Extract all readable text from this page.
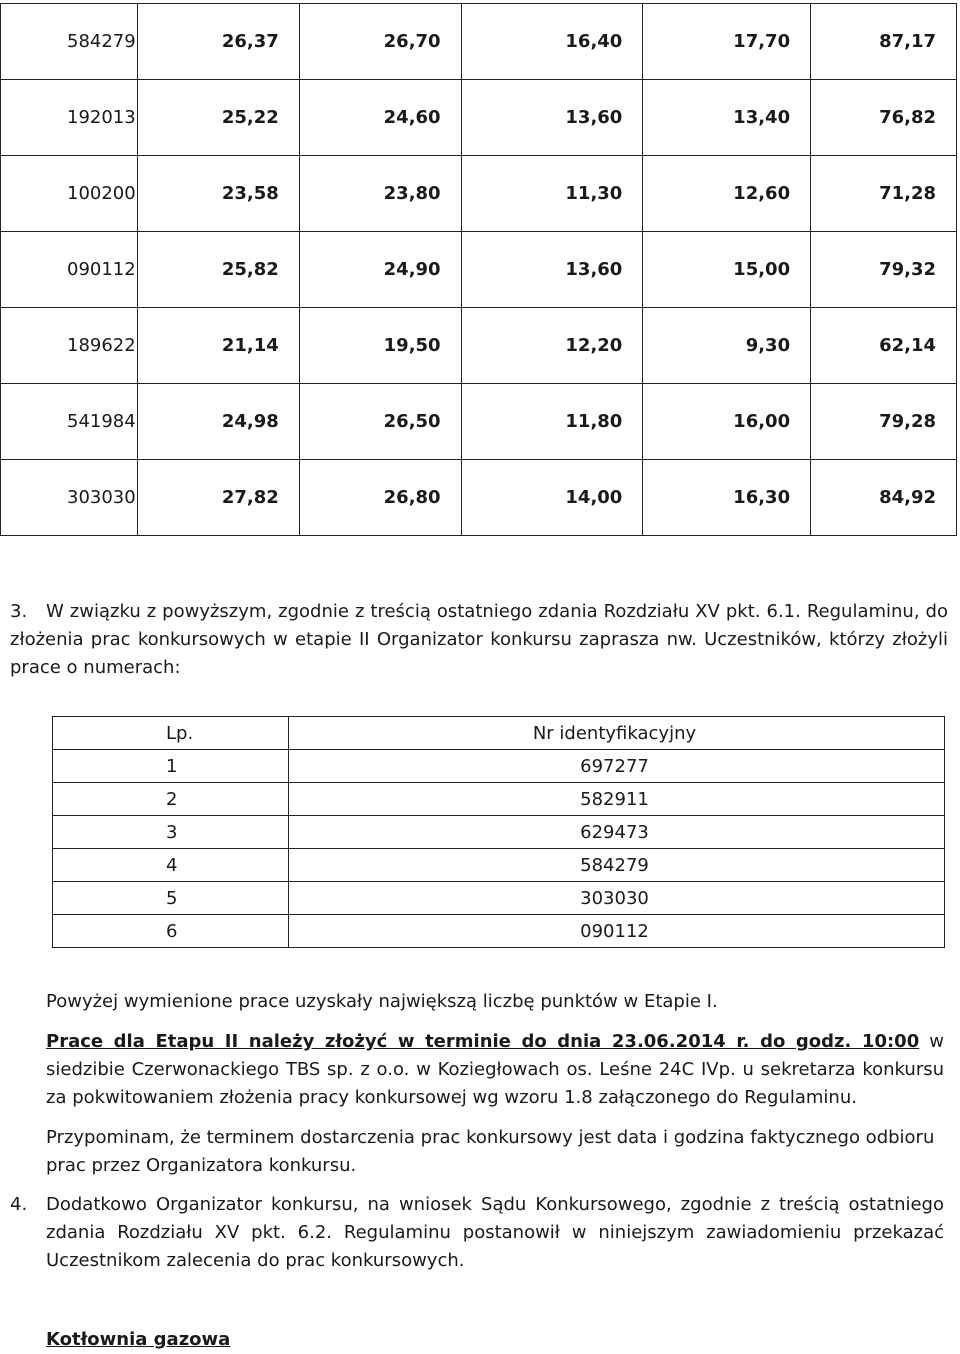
584279	26,37	26,70	16,40	17,70	87,17
192013	25,22	24,60	13,60	13,40	76,82
100200	23,58	23,80	11,30	12,60	71,28
090112	25,82	24,90	13,60	15,00	79,32
189622	21,14	19,50	12,20	9,30	62,14
541984	24,98	26,50	11,80	16,00	79,28
303030	27,82	26,80	14,00	16,30	84,92

3. W związku z powyższym, zgodnie z treścią ostatniego zdania Rozdziału XV pkt. 6.1. Regulaminu, do złożenia prac konkursowych w etapie II Organizator konkursu zaprasza nw. Uczestników, którzy złożyli prace o numerach:

Lp.	Nr identyfikacyjny
1	697277
2	582911
3	629473
4	584279
5	303030
6	090112

Powyżej wymienione prace uzyskały największą liczbę punktów w Etapie I.

Prace dla Etapu II należy złożyć w terminie do dnia 23.06.2014 r. do godz. 10:00 w siedzibie Czerwonackiego TBS sp. z o.o. w Koziegłowach os. Leśne 24C IVp. u sekretarza konkursu za pokwitowaniem złożenia pracy konkursowej wg wzoru 1.8 załączonego do Regulaminu.

Przypominam, że terminem dostarczenia prac konkursowy jest data i godzina faktycznego odbioru prac przez Organizatora konkursu.

4. Dodatkowo Organizator konkursu, na wniosek Sądu Konkursowego, zgodnie z treścią ostatniego zdania Rozdziału XV pkt. 6.2. Regulaminu postanowił w niniejszym zawiadomieniu przekazać Uczestnikom zalecenia do prac konkursowych.

Kotłownia gazowa
